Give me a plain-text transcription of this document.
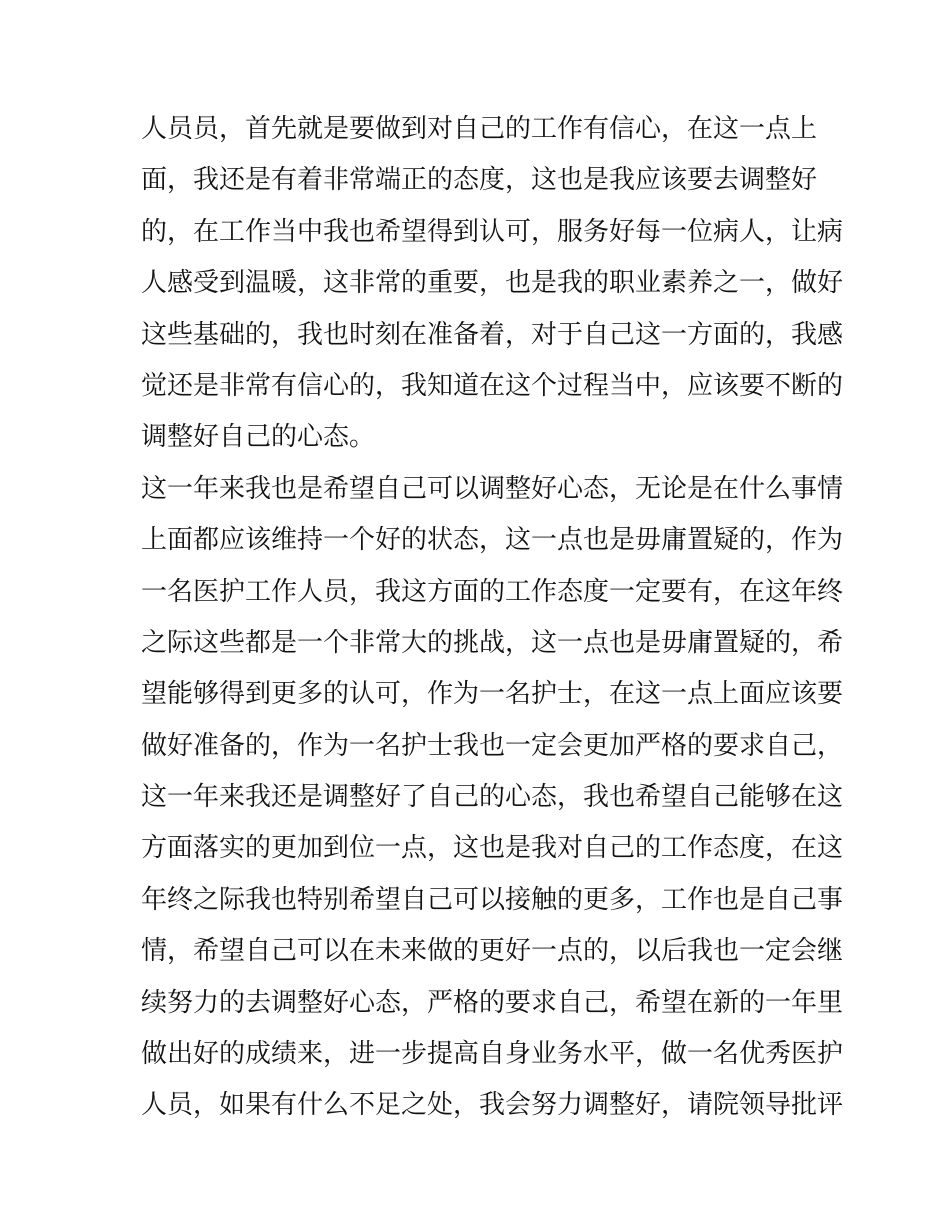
人员员，首先就是要做到对自己的工作有信心，在这一点上
面，我还是有着非常端正的态度，这也是我应该要去调整好
的，在工作当中我也希望得到认可，服务好每一位病人，让病
人感受到温暖，这非常的重要，也是我的职业素养之一，做好
这些基础的，我也时刻在准备着，对于自己这一方面的，我感
觉还是非常有信心的，我知道在这个过程当中，应该要不断的
调整好自己的心态。
这一年来我也是希望自己可以调整好心态，无论是在什么事情
上面都应该维持一个好的状态，这一点也是毋庸置疑的，作为
一名医护工作人员，我这方面的工作态度一定要有，在这年终
之际这些都是一个非常大的挑战，这一点也是毋庸置疑的，希
望能够得到更多的认可，作为一名护士，在这一点上面应该要
做好准备的，作为一名护士我也一定会更加严格的要求自己，
这一年来我还是调整好了自己的心态，我也希望自己能够在这
方面落实的更加到位一点，这也是我对自己的工作态度，在这
年终之际我也特别希望自己可以接触的更多，工作也是自己事
情，希望自己可以在未来做的更好一点的，以后我也一定会继
续努力的去调整好心态，严格的要求自己，希望在新的一年里
做出好的成绩来，进一步提高自身业务水平，做一名优秀医护
人员，如果有什么不足之处，我会努力调整好，请院领导批评
